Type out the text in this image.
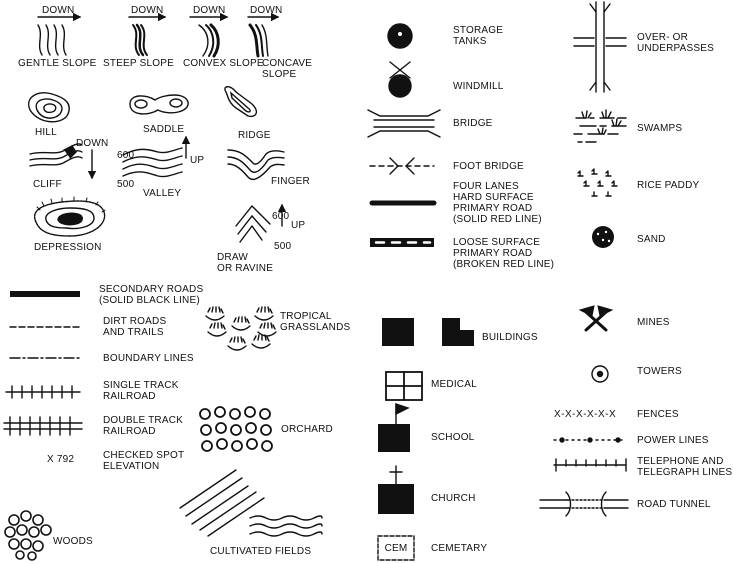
DOWN	DOWN	DOWN DOWN
GENTLE SLOPE STEEP SLOPE CONVEX SLOPE
CONCAVE
SLOPE
HILL	SADDLE
RIDGE
DOWN
CLIFF
600
500
VALLEY
UP
FINGER
DEPRESSION
600
UP
500
DRAW
OR RAVINE
SECONDARY ROADS
(SOLID BLACK LINE)
DIRT ROADS
AND TRAILS
BOUNDARY LINES
SINGLE TRACK
RAILROAD
DOUBLE TRACK
RAILROAD
X 792	CHECKED SPOT
ELEVATION
WOODS
TROPICAL
GRASSLANDS
ORCHARD
CULTIVATED FIELDS
STORAGE
TANKS
WINDMILL
BRIDGE
FOOT BRIDGE
FOUR LANES
HARD SURFACE
PRIMARY ROAD
(SOLID RED LINE)
LOOSE SURFACE
PRIMARY ROAD
(BROKEN RED LINE)
BUILDINGS
MEDICAL
SCHOOL
CHURCH
CEM	CEMETARY
OVER- OR
UNDERPASSES
SWAMPS
RICE PADDY
SAND
MINES
TOWERS
X-X-X-X-X-X FENCES
POWER LINES
TELEPHONE AND
TELEGRAPH LINES
ROAD TUNNEL
